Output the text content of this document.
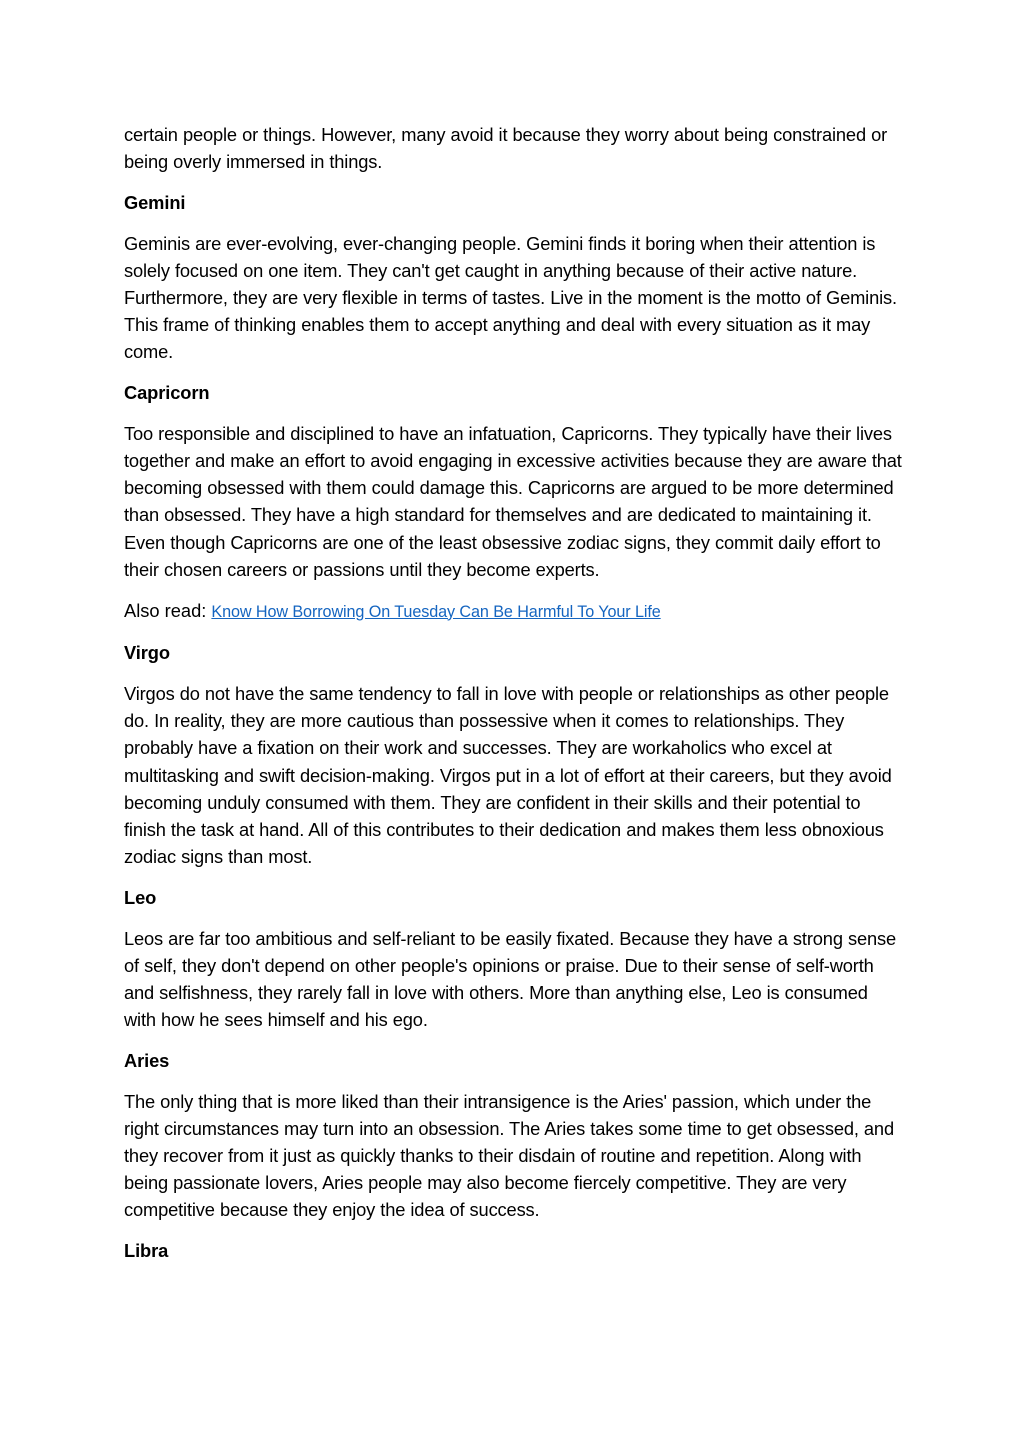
certain people or things. However, many avoid it because they worry about being constrained or being overly immersed in things.

Gemini

Geminis are ever-evolving, ever-changing people. Gemini finds it boring when their attention is solely focused on one item. They can't get caught in anything because of their active nature. Furthermore, they are very flexible in terms of tastes. Live in the moment is the motto of Geminis. This frame of thinking enables them to accept anything and deal with every situation as it may come.

Capricorn

Too responsible and disciplined to have an infatuation, Capricorns. They typically have their lives together and make an effort to avoid engaging in excessive activities because they are aware that becoming obsessed with them could damage this. Capricorns are argued to be more determined than obsessed. They have a high standard for themselves and are dedicated to maintaining it. Even though Capricorns are one of the least obsessive zodiac signs, they commit daily effort to their chosen careers or passions until they become experts.

Also read: Know How Borrowing On Tuesday Can Be Harmful To Your Life

Virgo

Virgos do not have the same tendency to fall in love with people or relationships as other people do. In reality, they are more cautious than possessive when it comes to relationships. They probably have a fixation on their work and successes. They are workaholics who excel at multitasking and swift decision-making. Virgos put in a lot of effort at their careers, but they avoid becoming unduly consumed with them. They are confident in their skills and their potential to finish the task at hand. All of this contributes to their dedication and makes them less obnoxious zodiac signs than most.

Leo

Leos are far too ambitious and self-reliant to be easily fixated. Because they have a strong sense of self, they don't depend on other people's opinions or praise. Due to their sense of self-worth and selfishness, they rarely fall in love with others. More than anything else, Leo is consumed with how he sees himself and his ego.

Aries

The only thing that is more liked than their intransigence is the Aries' passion, which under the right circumstances may turn into an obsession. The Aries takes some time to get obsessed, and they recover from it just as quickly thanks to their disdain of routine and repetition. Along with being passionate lovers, Aries people may also become fiercely competitive. They are very competitive because they enjoy the idea of success.

Libra
